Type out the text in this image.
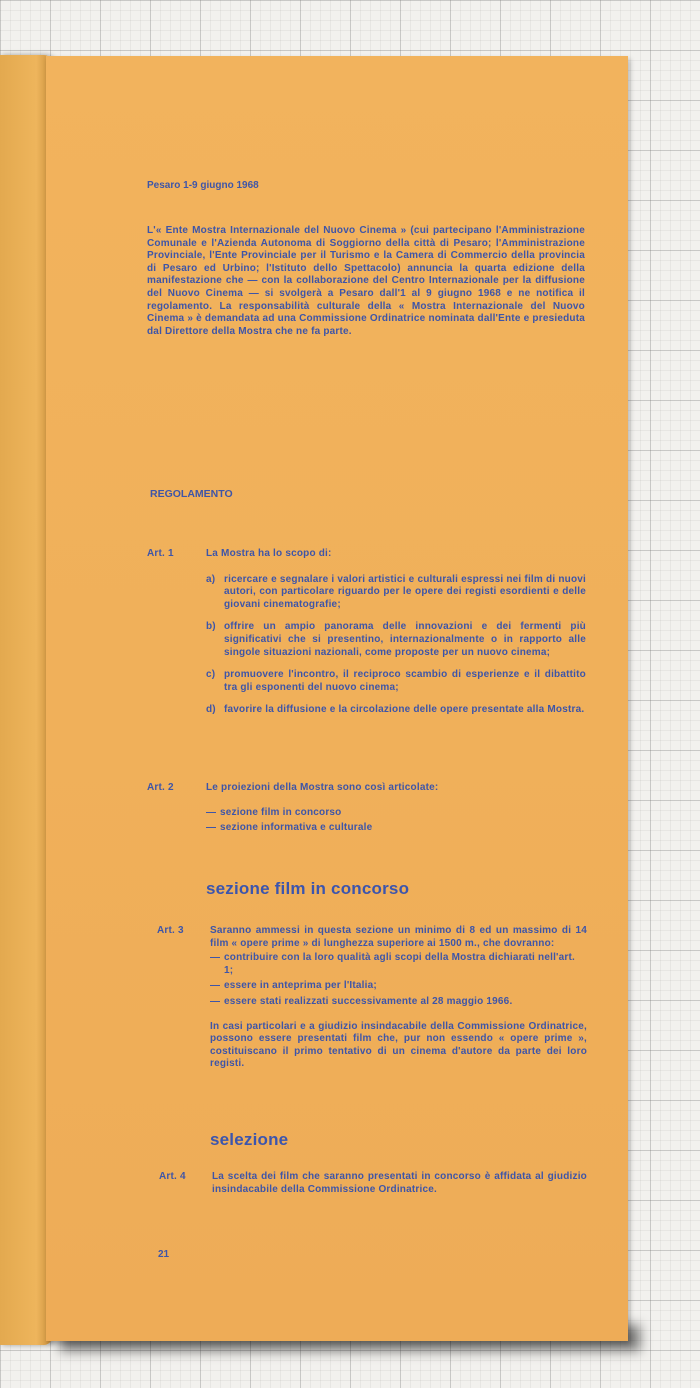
Pesaro 1-9 giugno 1968

L'« Ente Mostra Internazionale del Nuovo Cinema » (cui partecipano l'Amministrazione Comunale e l'Azienda Autonoma di Soggiorno della città di Pesaro; l'Amministrazione Provinciale, l'Ente Provinciale per il Turismo e la Camera di Commercio della provincia di Pesaro ed Urbino; l'Istituto dello Spettacolo) annuncia la quarta edizione della manifestazione che — con la collaborazione del Centro Internazionale per la diffusione del Nuovo Cinema — si svolgerà a Pesaro dall'1 al 9 giugno 1968 e ne notifica il regolamento. La responsabilità culturale della « Mostra Internazionale del Nuovo Cinema » è demandata ad una Commissione Ordinatrice nominata dall'Ente e presieduta dal Direttore della Mostra che ne fa parte.

REGOLAMENTO
Art. 1	La Mostra ha lo scopo di:
a) ricercare e segnalare i valori artistici e culturali espressi nei film di nuovi autori, con particolare riguardo per le opere dei registi esordienti e delle giovani cinematografie;
b) offrire un ampio panorama delle innovazioni e dei fermenti più significativi che si presentino, internazionalmente o in rapporto alle singole situazioni nazionali, come proposte per un nuovo cinema;
c) promuovere l'incontro, il reciproco scambio di esperienze e il dibattito tra gli esponenti del nuovo cinema;
d) favorire la diffusione e la circolazione delle opere presentate alla Mostra.
Art. 2	Le proiezioni della Mostra sono così articolate:
— sezione film in concorso
— sezione informativa e culturale
sezione film in concorso
Art. 3	Saranno ammessi in questa sezione un minimo di 8 ed un massimo di 14 film « opere prime » di lunghezza superiore ai 1500 m., che dovranno:

— contribuire con la loro qualità agli scopi della Mostra dichiarati nell'art. 1;
— essere in anteprima per l'Italia;
— essere stati realizzati successivamente al 28 maggio 1966.

In casi particolari e a giudizio insindacabile della Commissione Ordinatrice, possono essere presentati film che, pur non essendo « opere prime », costituiscano il primo tentativo di un cinema d'autore da parte dei loro registi.

selezione
Art. 4	La scelta dei film che saranno presentati in concorso è affidata al giudizio insindacabile della Commissione Ordinatrice.

21
